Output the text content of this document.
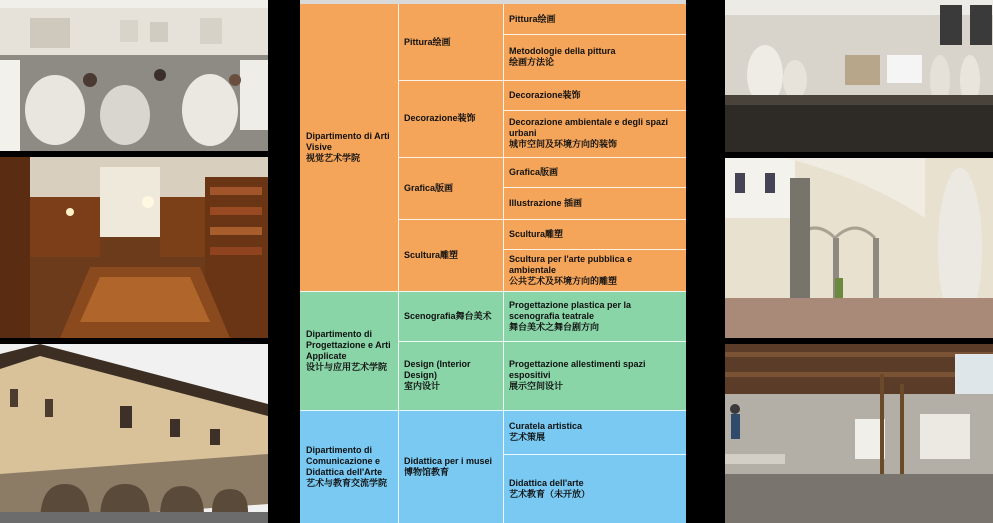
Dipartimento di Arti Visive
视觉艺术学院
Pittura 绘画
Pittura 绘画
Metodologie della pittura
绘画方法论
Decorazione 装饰
Decorazione 装饰
Decorazione ambientale e degli spazi urbani
城市空间及环境方向的装饰
Grafica 版画
Grafica 版画
Illustrazione
插画
Scultura 雕塑
Scultura 雕塑
Scultura per l'arte pubblica e ambientale
公共艺术及环境方向的雕塑
Dipartimento di Progettazione e Arti Applicate
设计与应用艺术学院
Scenografia 舞台美术
Progettazione plastica per la scenografia teatrale
舞台美术之舞台剧方向
Design (Interior Design)
室内设计
Progettazione allestimenti spazi espositivi
展示空间设计
Dipartimento di Comunicazione e Didattica dell'Arte
艺术与教育交流学院
Didattica per i musei
博物馆教育
Curatela artistica
艺术策展
Didattica dell'arte
艺术教育（未开放）
